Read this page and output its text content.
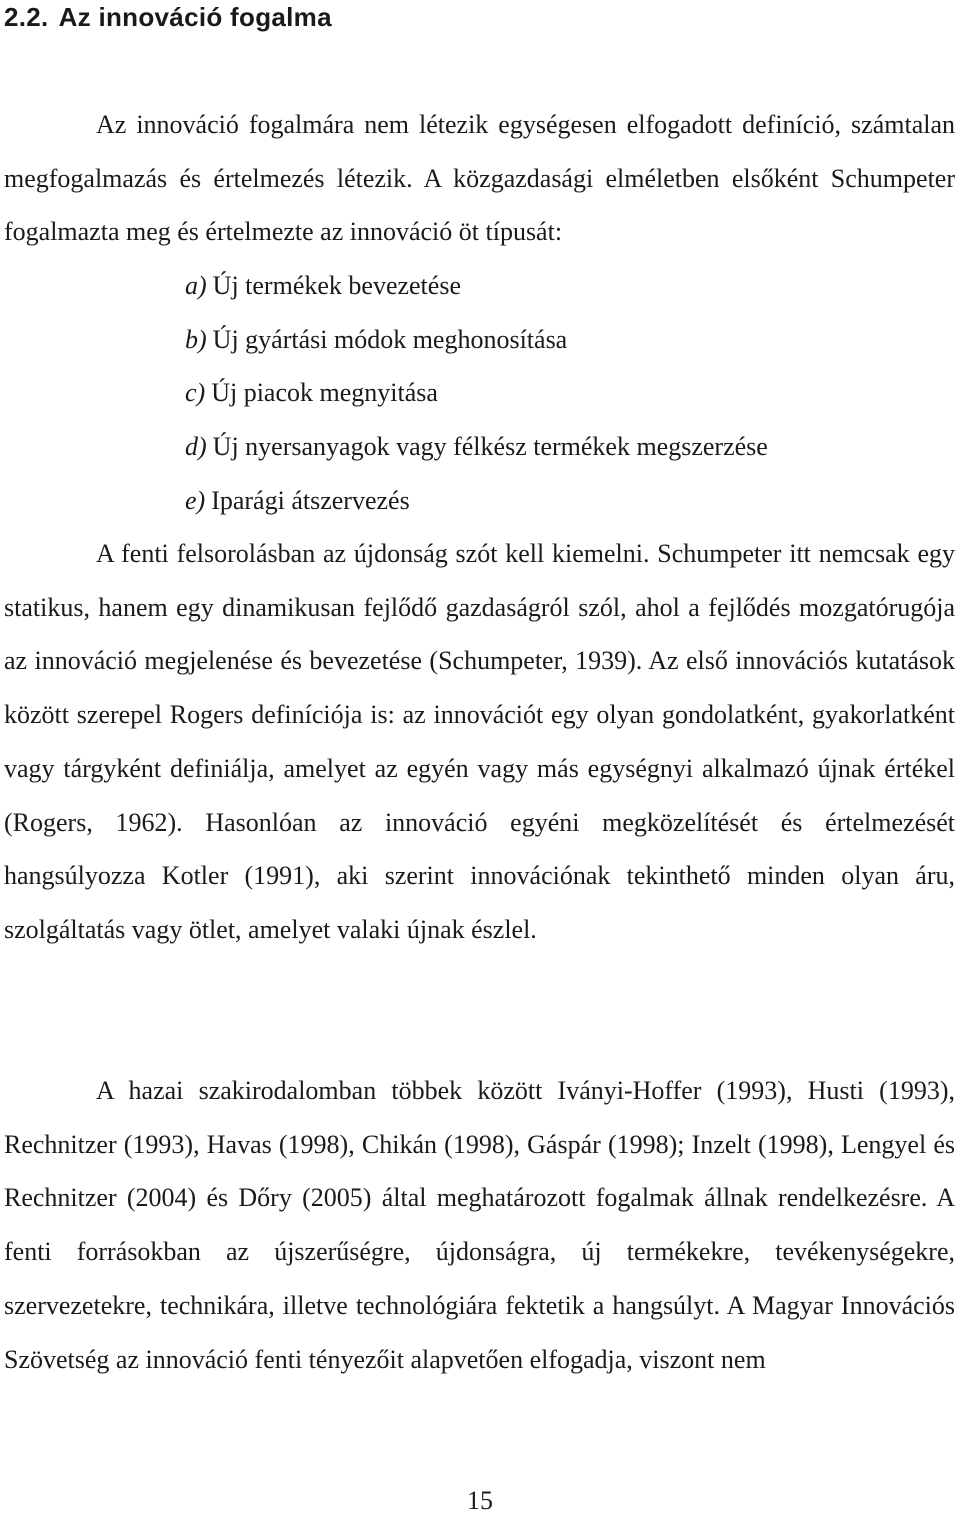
2.2. Az innováció fogalma

Az innováció fogalmára nem létezik egységesen elfogadott definíció, számtalan megfogalmazás és értelmezés létezik. A közgazdasági elméletben elsőként Schumpeter fogalmazta meg és értelmezte az innováció öt típusát:

a) Új termékek bevezetése
b) Új gyártási módok meghonosítása
c) Új piacok megnyitása
d) Új nyersanyagok vagy félkész termékek megszerzése
e) Iparági átszervezés

A fenti felsorolásban az újdonság szót kell kiemelni. Schumpeter itt nemcsak egy statikus, hanem egy dinamikusan fejlődő gazdaságról szól, ahol a fejlődés mozgatórugója az innováció megjelenése és bevezetése (Schumpeter, 1939). Az első innovációs kutatások között szerepel Rogers definíciója is: az innovációt egy olyan gondolatként, gyakorlatként vagy tárgyként definiálja, amelyet az egyén vagy más egységnyi alkalmazó újnak értékel (Rogers, 1962). Hasonlóan az innováció egyéni megközelítését és értelmezését hangsúlyozza Kotler (1991), aki szerint innovációnak tekinthető minden olyan áru, szolgáltatás vagy ötlet, amelyet valaki újnak észlel.

A hazai szakirodalomban többek között Iványi-Hoffer (1993), Husti (1993), Rechnitzer (1993), Havas (1998), Chikán (1998), Gáspár (1998); Inzelt (1998), Lengyel és Rechnitzer (2004) és Dőry (2005) által meghatározott fogalmak állnak rendelkezésre. A fenti forrásokban az újszerűségre, újdonságra, új termékekre, tevékenységekre, szervezetekre, technikára, illetve technológiára fektetik a hangsúlyt. A Magyar Innovációs Szövetség az innováció fenti tényezőit alapvetően elfogadja, viszont nem

15
